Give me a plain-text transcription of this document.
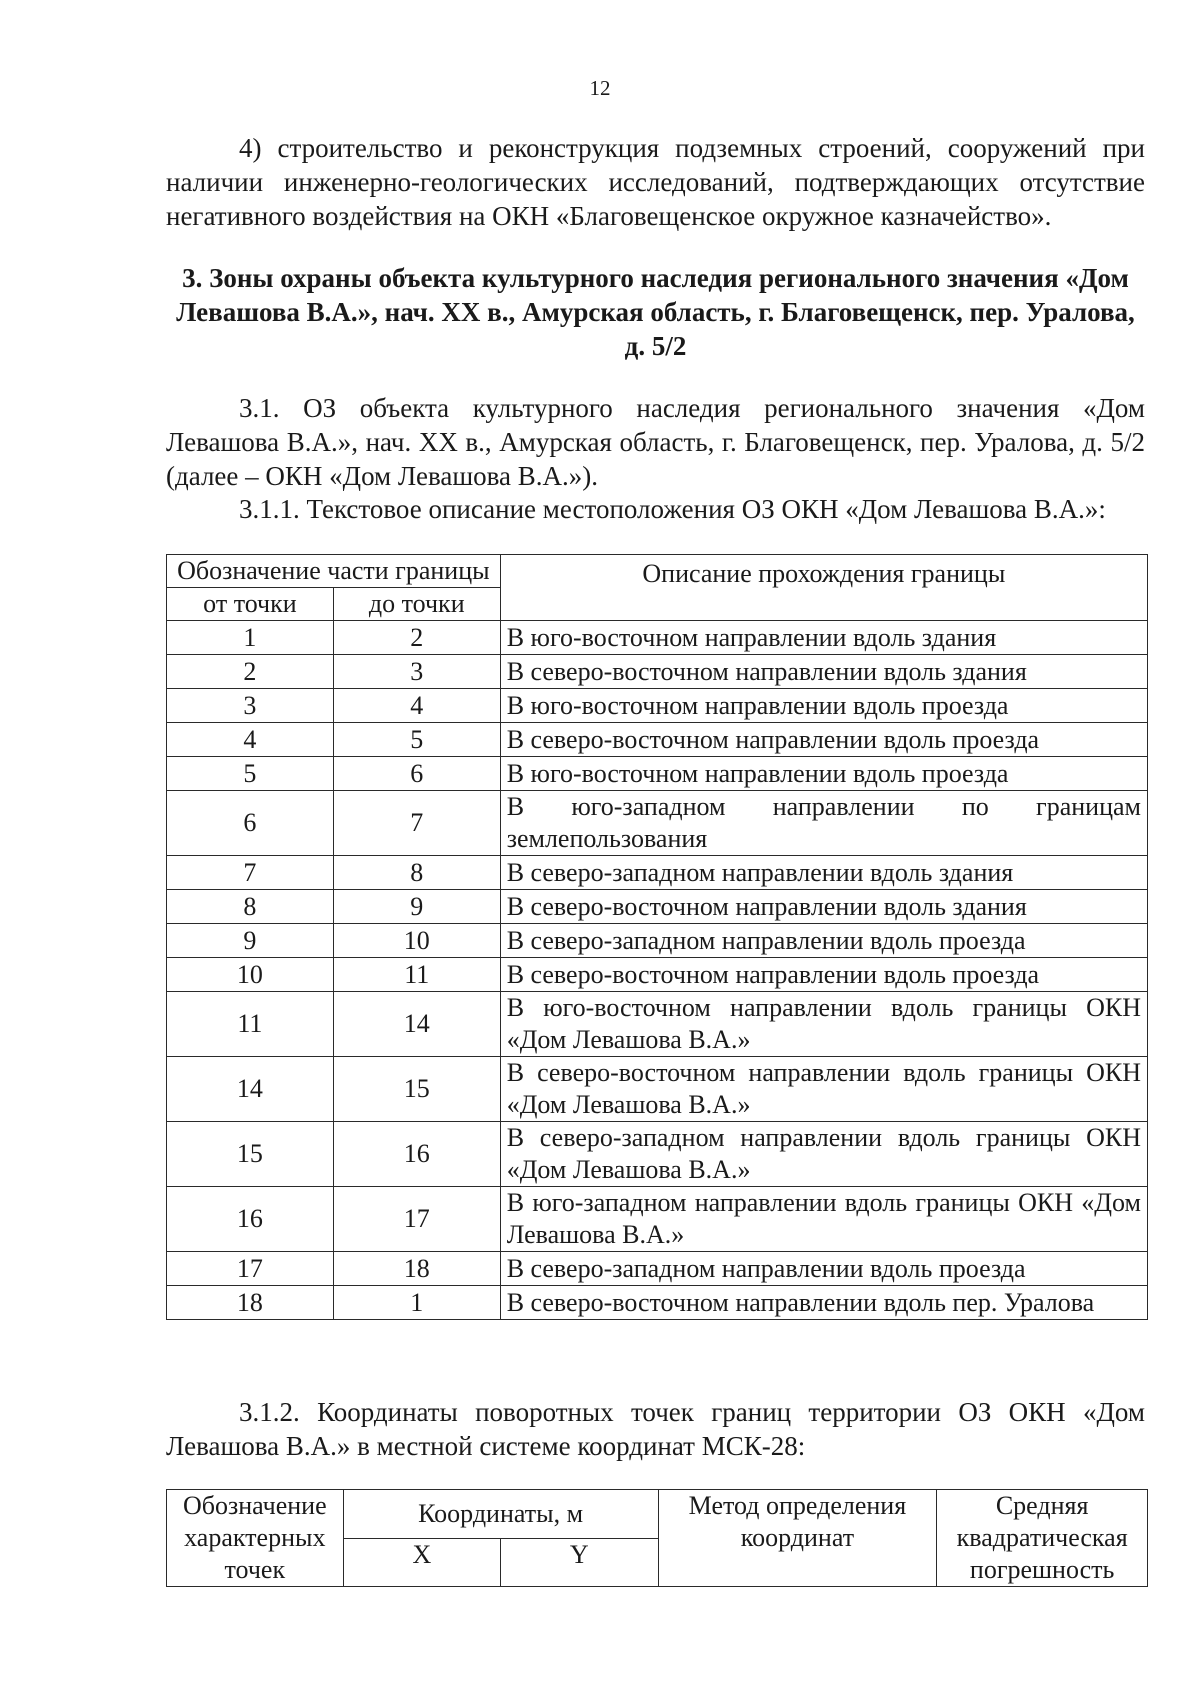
12

4) строительство и реконструкция подземных строений, сооружений при наличии инженерно-геологических исследований, подтверждающих отсутствие негативного воздействия на ОКН «Благовещенское окружное казначейство».

3. Зоны охраны объекта культурного наследия регионального значения «Дом Левашова В.А.», нач. XX в., Амурская область, г. Благовещенск, пер. Уралова, д. 5/2

3.1. ОЗ объекта культурного наследия регионального значения «Дом Левашова В.А.», нач. XX в., Амурская область, г. Благовещенск, пер. Уралова, д. 5/2 (далее – ОКН «Дом Левашова В.А.»).

3.1.1. Текстовое описание местоположения ОЗ ОКН «Дом Левашова В.А.»:

Обозначение части границы		Описание прохождения границы
от точки	до точки	
1	2	В юго-восточном направлении вдоль здания
2	3	В северо-восточном направлении вдоль здания
3	4	В юго-восточном направлении вдоль проезда
4	5	В северо-восточном направлении вдоль проезда
5	6	В юго-восточном направлении вдоль проезда
6	7	В юго-западном направлении по границам землепользования
7	8	В северо-западном направлении вдоль здания
8	9	В северо-восточном направлении вдоль здания
9	10	В северо-западном направлении вдоль проезда
10	11	В северо-восточном направлении вдоль проезда
11	14	В юго-восточном направлении вдоль границы ОКН «Дом Левашова В.А.»
14	15	В северо-восточном направлении вдоль границы ОКН «Дом Левашова В.А.»
15	16	В северо-западном направлении вдоль границы ОКН «Дом Левашова В.А.»
16	17	В юго-западном направлении вдоль границы ОКН «Дом Левашова В.А.»
17	18	В северо-западном направлении вдоль проезда
18	1	В северо-восточном направлении вдоль пер. Уралова

3.1.2. Координаты поворотных точек границ территории ОЗ ОКН «Дом Левашова В.А.» в местной системе координат МСК-28:

Обозначение характерных точек	Координаты, м		Метод определения координат	Средняя квадратическая погрешность
	X	Y		
